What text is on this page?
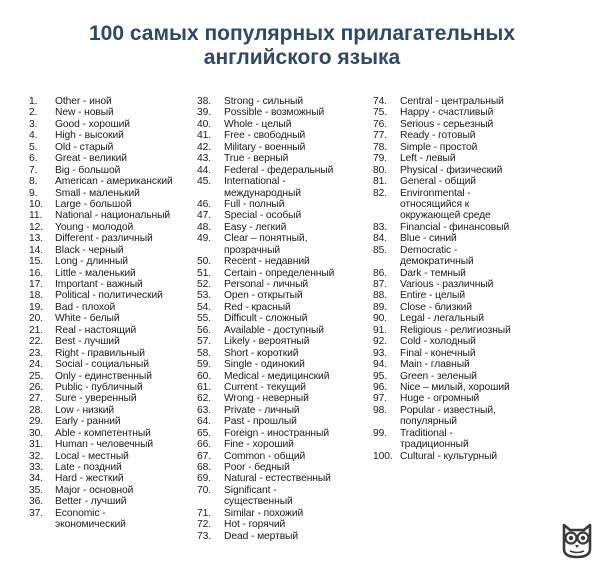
100 самых популярных прилагательных
английского языка
1. Other - иной
2. New - новый
3. Good - хороший
4. High - высокий
5. Old - старый
6. Great - великий
7. Big - большой
8. American - американский
9. Small - маленький
10. Large - большой
11. National - национальный
12. Young - молодой
13. Different - различный
14. Black - черный
15. Long - длинный
16. Little - маленький
17. Important - важный
18. Political - политический
19. Bad - плохой
20. White - белый
21. Real - настоящий
22. Best - лучший
23. Right - правильный
24. Social - социальный
25. Only - единственный
26. Public - публичный
27. Sure - уверенный
28. Low - низкий
29. Early - ранний
30. Able - компетентный
31. Human - человечный
32. Local - местный
33. Late - поздний
34. Hard - жесткий
35. Major - основной
36. Better - лучший
37. Economic -
экономический
38. Strong - сильный
39. Possible - возможный
40. Whole - целый
41. Free - свободный
42. Military - военный
43. True - верный
44. Federal - федеральный
45. International -
международный
46. Full - полный
47. Special - особый
48. Easy - легкий
49. Clear – понятный,
прозрачный
50. Recent - недавний
51. Certain - определенный
52. Personal - личный
53. Open - открытый
54. Red - красный
55. Difficult - сложный
56. Available - доступный
57. Likely - вероятный
58. Short - короткий
59. Single - одинокий
60. Medical - медицинский
61. Current - текущий
62. Wrong - неверный
63. Private - личный
64. Past - прошлый
65. Foreign - иностранный
66. Fine - хороший
67. Common - общий
68. Poor - бедный
69. Natural - естественный
70. Significant -
существенный
71. Similar - похожий
72. Hot - горячий
73. Dead - мертвый
74. Central - центральный
75. Happy - счастливый
76. Serious - серьезный
77. Ready - готовый
78. Simple - простой
79. Left - левый
80. Physical - физический
81. General - общий
82. Environmental -
относящийся к
окружающей среде
83. Financial - финансовый
84. Blue - синий
85. Democratic -
демократичный
86. Dark - темный
87. Various - различный
88. Entire - целый
89. Close - близкий
90. Legal - легальный
91. Religious - религиозный
92. Cold - холодный
93. Final - конечный
94. Main - главный
95. Green - зеленый
96. Nice – милый, хороший
97. Huge - огромный
98. Popular - известный,
популярный
99. Traditional -
традиционный
100. Cultural - культурный
